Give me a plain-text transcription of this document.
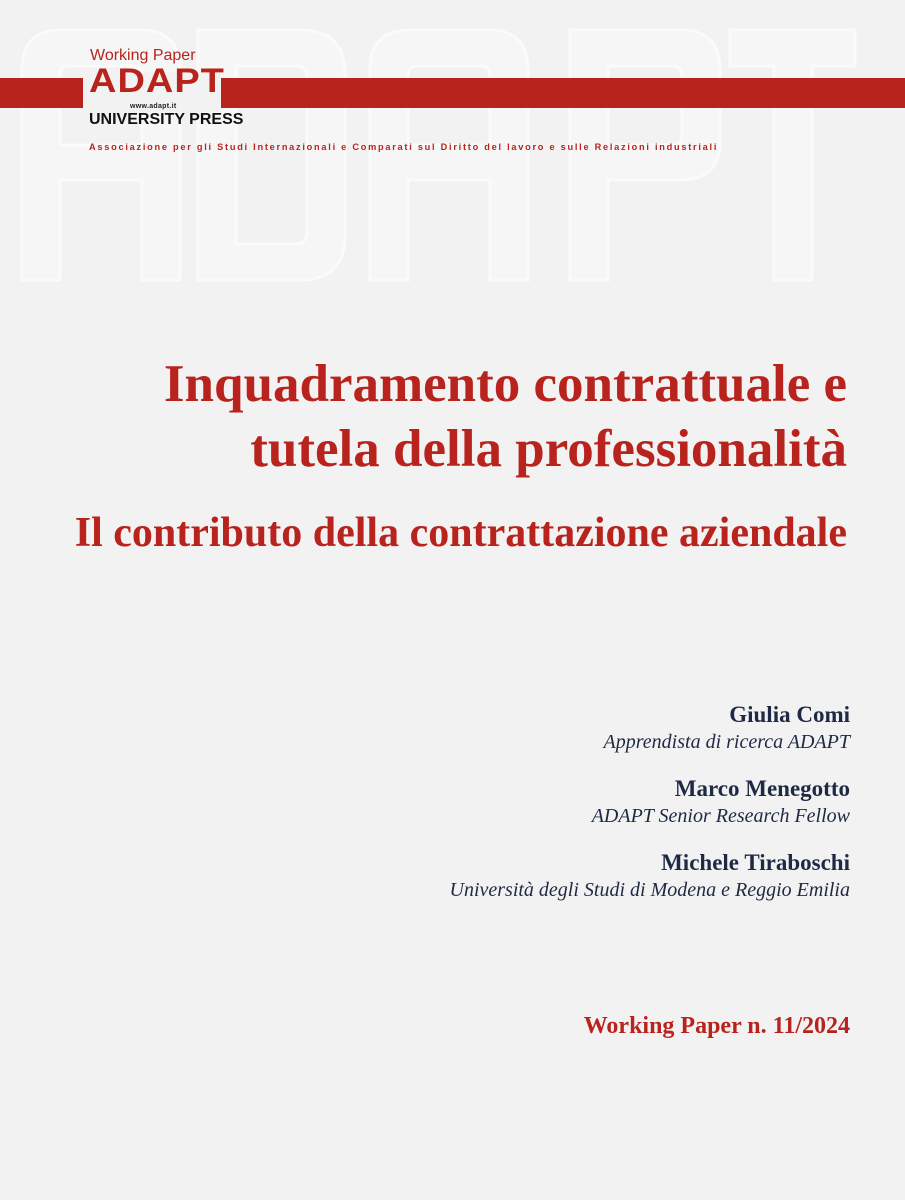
Working Paper
ADAPT
www.adapt.it
UNIVERSITY PRESS
Associazione per gli Studi Internazionali e Comparati sul Diritto del lavoro e sulle Relazioni industriali
Inquadramento contrattuale e
tutela della professionalità
Il contributo della contrattazione aziendale
Giulia Comi
Apprendista di ricerca ADAPT
Marco Menegotto
ADAPT Senior Research Fellow
Michele Tiraboschi
Università degli Studi di Modena e Reggio Emilia
Working Paper n. 11/2024
